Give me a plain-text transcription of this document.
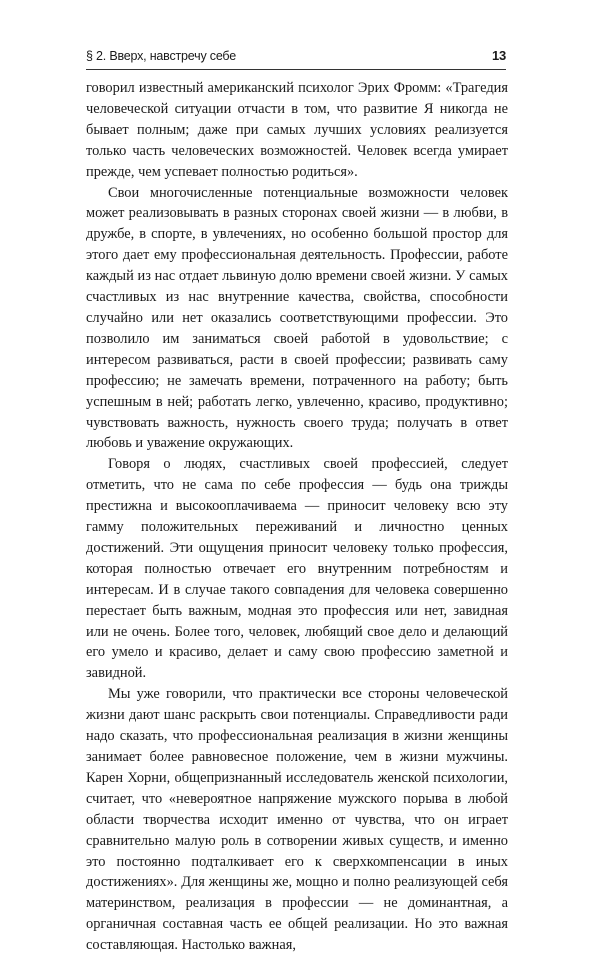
§ 2. Вверх, навстречу себе	13

говорил известный американский психолог Эрих Фромм: «Трагедия человеческой ситуации отчасти в том, что развитие Я никогда не бывает полным; даже при самых лучших условиях реализуется только часть человеческих возможностей. Человек всегда умирает прежде, чем успевает полностью родиться».

Свои многочисленные потенциальные возможности человек может реализовывать в разных сторонах своей жизни — в любви, в дружбе, в спорте, в увлечениях, но особенно большой простор для этого дает ему профессиональная деятельность. Профессии, работе каждый из нас отдает львиную долю времени своей жизни. У самых счастливых из нас внутренние качества, свойства, способности случайно или нет оказались соответствующими профессии. Это позволило им заниматься своей работой в удовольствие; с интересом развиваться, расти в своей профессии; развивать саму профессию; не замечать времени, потраченного на работу; быть успешным в ней; работать легко, увлеченно, красиво, продуктивно; чувствовать важность, нужность своего труда; получать в ответ любовь и уважение окружающих.

Говоря о людях, счастливых своей профессией, следует отметить, что не сама по себе профессия — будь она трижды престижна и высокооплачиваема — приносит человеку всю эту гамму положительных переживаний и личностно ценных достижений. Эти ощущения приносит человеку только профессия, которая полностью отвечает его внутренним потребностям и интересам. И в случае такого совпадения для человека совершенно перестает быть важным, модная это профессия или нет, завидная или не очень. Более того, человек, любящий свое дело и делающий его умело и красиво, делает и саму свою профессию заметной и завидной.

Мы уже говорили, что практически все стороны человеческой жизни дают шанс раскрыть свои потенциалы. Справедливости ради надо сказать, что профессиональная реализация в жизни женщины занимает более равновесное положение, чем в жизни мужчины. Карен Хорни, общепризнанный исследователь женской психологии, считает, что «невероятное напряжение мужского порыва в любой области творчества исходит именно от чувства, что он играет сравнительно малую роль в сотворении живых существ, и именно это постоянно подталкивает его к сверхкомпенсации в иных достижениях». Для женщины же, мощно и полно реализующей себя материнством, реализация в профессии — не доминантная, а органичная составная часть ее общей реализации. Но это важная составляющая. Настолько важная,
